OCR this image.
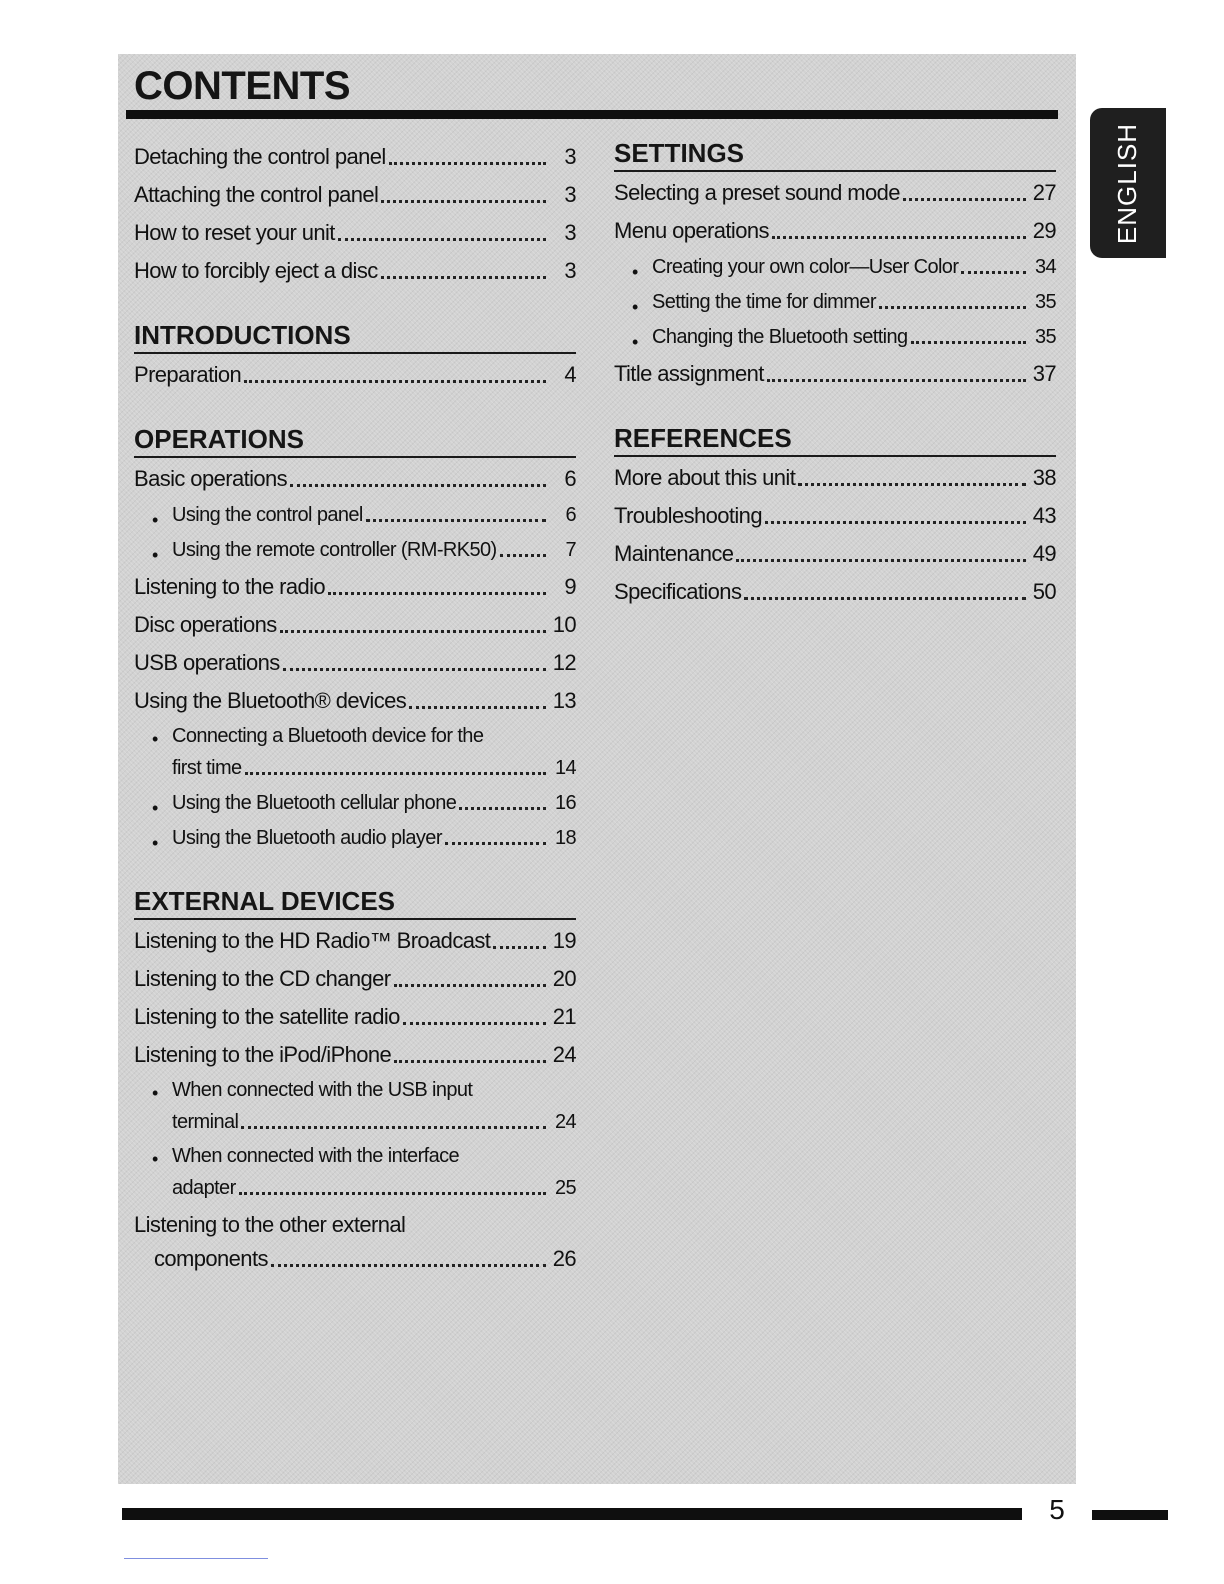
CONTENTS
Detaching the control panel	3
Attaching the control panel	3
How to reset your unit	3
How to forcibly eject a disc	3
INTRODUCTIONS
Preparation	4
OPERATIONS
Basic operations	6
• Using the control panel	6
• Using the remote controller (RM-RK50)	7
Listening to the radio	9
Disc operations	10
USB operations	12
Using the Bluetooth® devices	13
• Connecting a Bluetooth device for the
first time	14
• Using the Bluetooth cellular phone	16
• Using the Bluetooth audio player	18
EXTERNAL DEVICES
Listening to the HD Radio™ Broadcast	19
Listening to the CD changer	20
Listening to the satellite radio	21
Listening to the iPod/iPhone	24
• When connected with the USB input
terminal	24
• When connected with the interface
adapter	25
Listening to the other external
components	26
SETTINGS
Selecting a preset sound mode	27
Menu operations	29
• Creating your own color—User Color	34
• Setting the time for dimmer	35
• Changing the Bluetooth setting	35
Title assignment	37
REFERENCES
More about this unit	38
Troubleshooting	43
Maintenance	49
Specifications	50
ENGLISH
5
